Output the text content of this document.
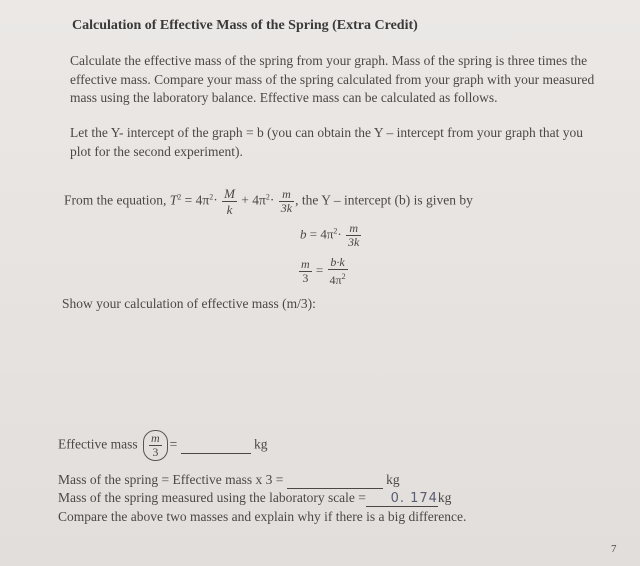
Calculation of Effective Mass of the Spring (Extra Credit)
Calculate the effective mass of the spring from your graph. Mass of the spring is three times the
effective mass. Compare your mass of the spring calculated from your graph with your measured
mass using the laboratory balance. Effective mass can be calculated as follows.
Let the Y- intercept of the graph = b (you can obtain the Y – intercept from your graph that you
plot for the second experiment).
From the equation, $T^2 = 4\pi^2\cdot \frac{M}{k} + 4\pi^2\cdot \frac{m}{3k}$ , the Y – intercept (b) is given by
$b = 4\pi^2\cdot \frac{m}{3k}$
$\frac{m}{3} = \frac{b\cdot k}{4\pi^2}$
Show your calculation of effective mass (m/3):
Effective mass $\frac{m}{3}$ =	kg
Mass of the spring = Effective mass x 3 =	kg
Mass of the spring measured using the laboratory scale = 0. 174kg
Compare the above two masses and explain why if there is a big difference.
7
